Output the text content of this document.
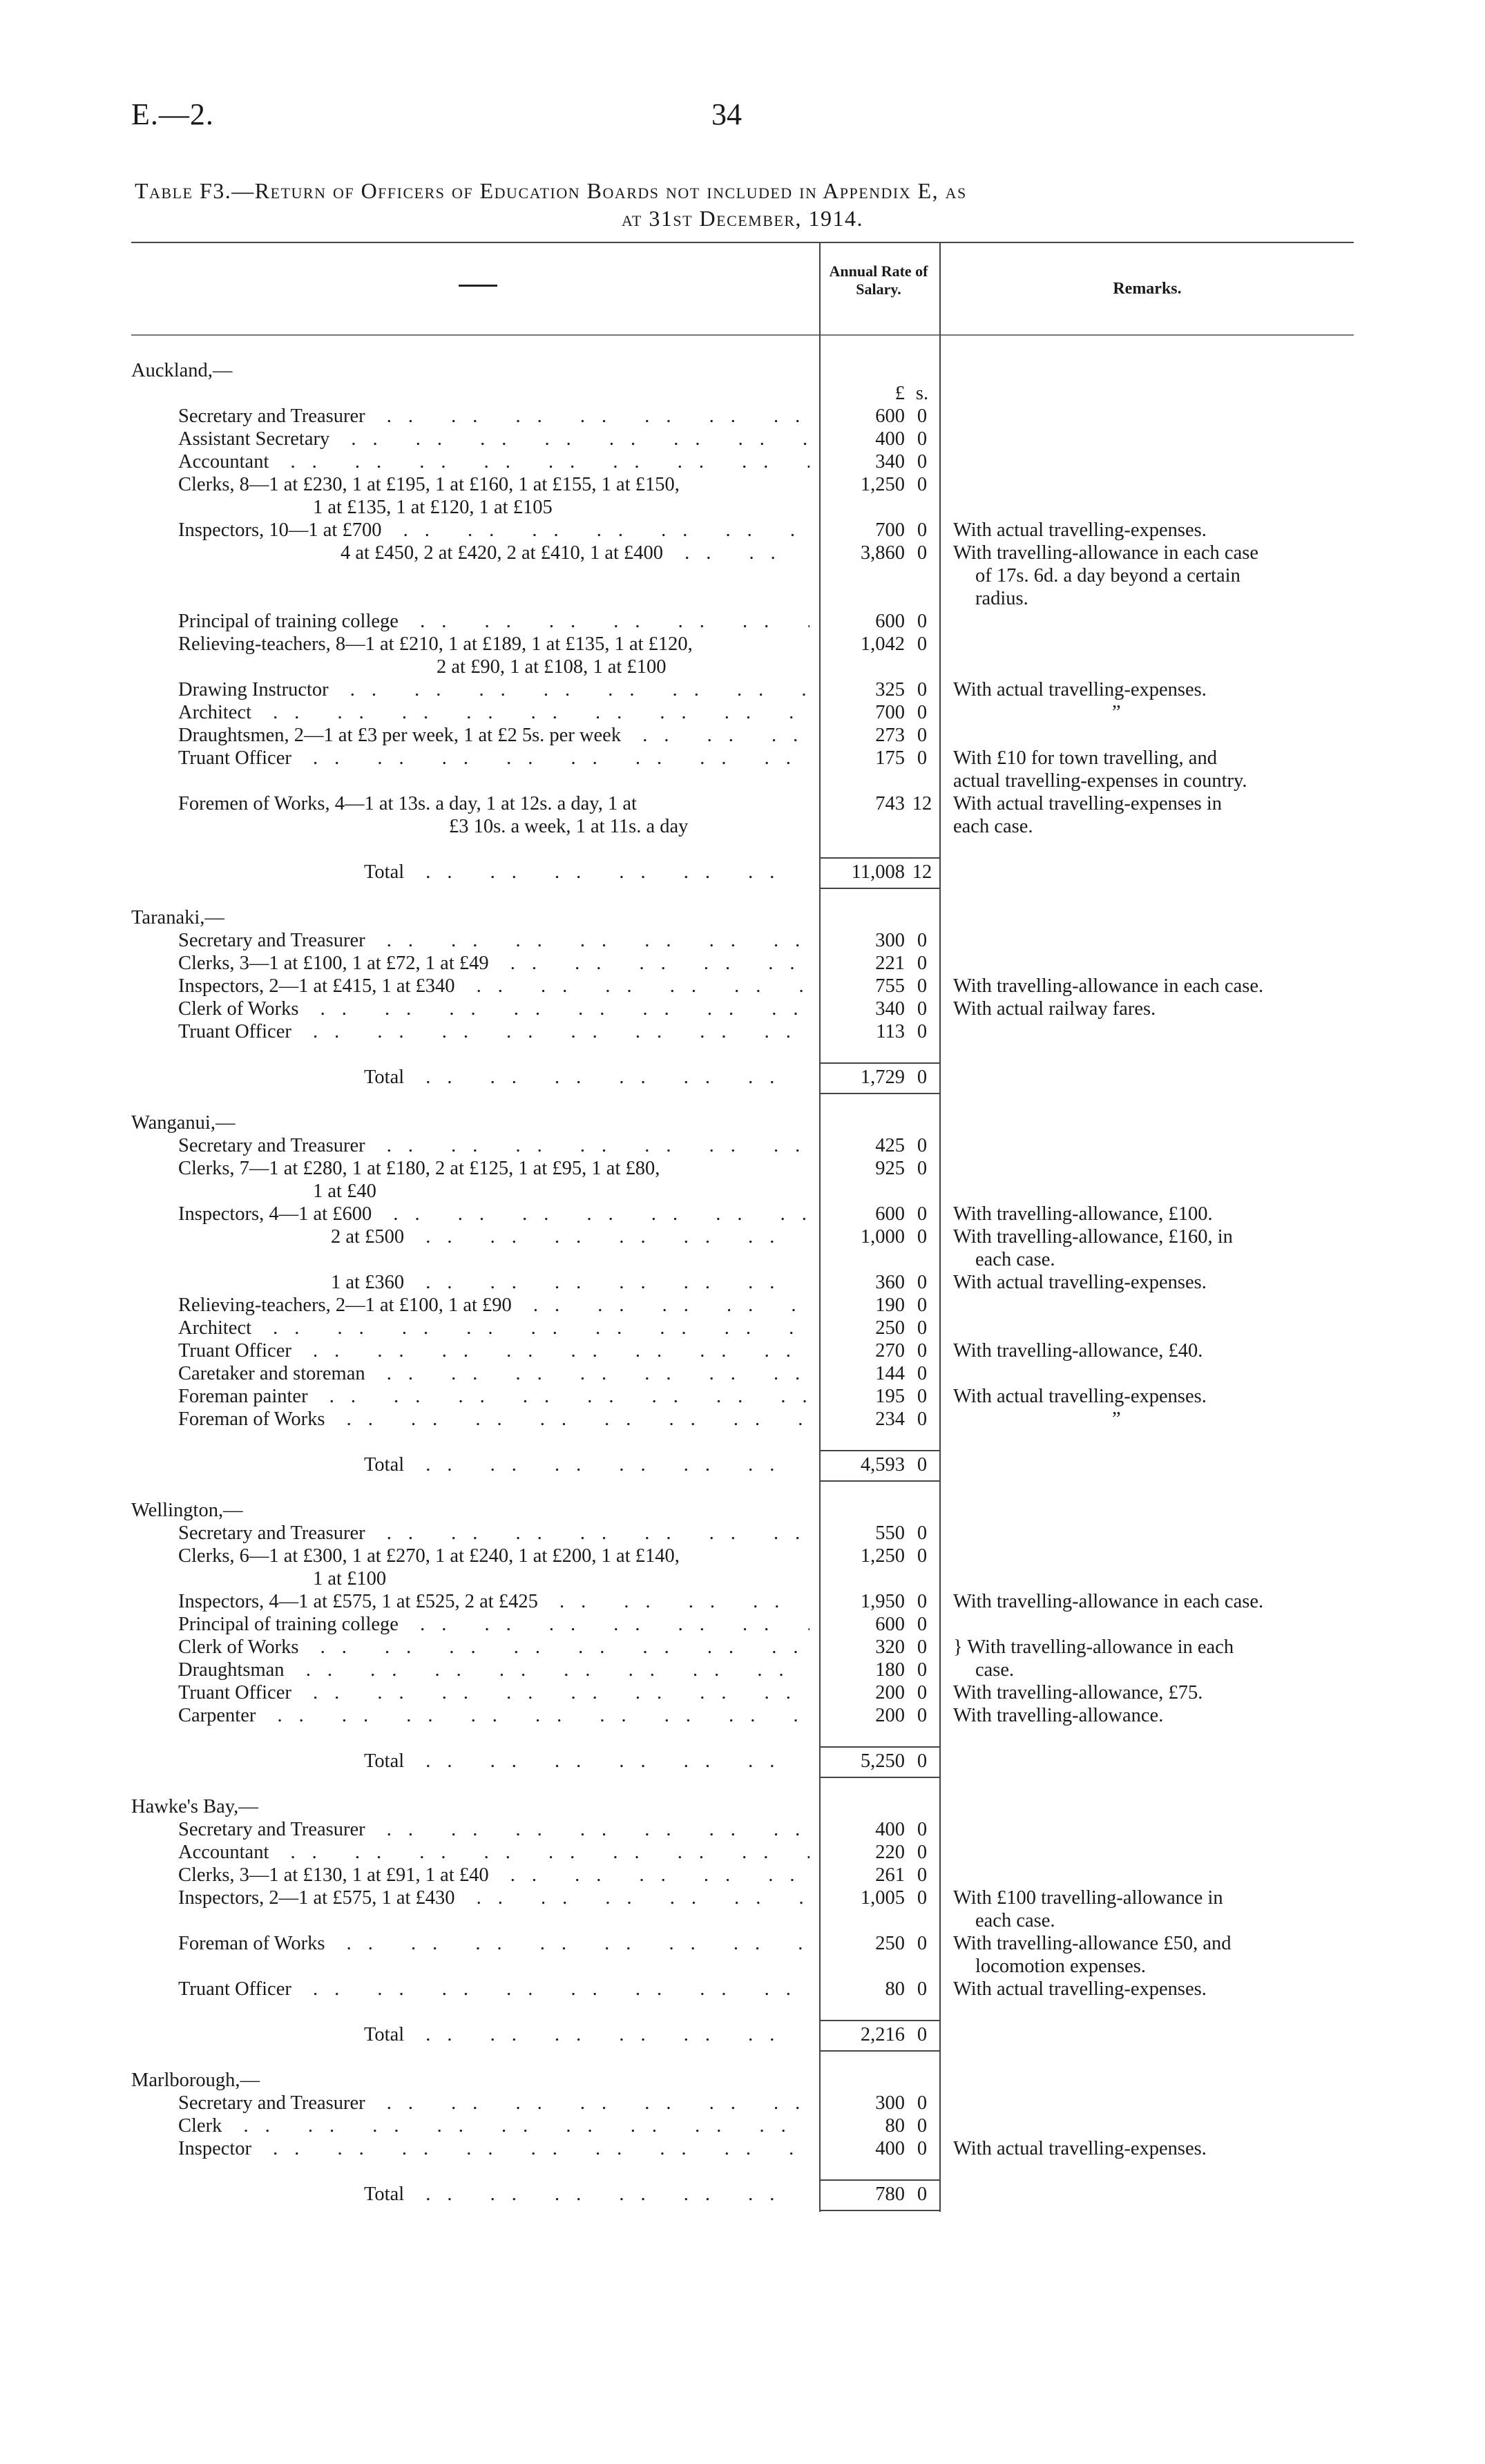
E.—2.	34
Table F3.—Return of Officers of Education Boards not included in Appendix E, as
at 31st December, 1914.
Annual Rate of Salary.	Remarks.
Auckland,—
£ s.
Secretary and Treasurer .. ..	600 0
Assistant Secretary .. ..	400 0
Accountant .. ..	340 0
Clerks, 8—1 at £230, 1 at £195, 1 at £160, 1 at £155, 1 at £150,	1,250 0
1 at £135, 1 at £120, 1 at £105
Inspectors, 10—1 at £700 .. ..	700 0	With actual travelling-expenses.
4 at £450, 2 at £420, 2 at £410, 1 at £400 .. ..	3,860 0	With travelling-allowance in each case
of 17s. 6d. a day beyond a certain
radius.
Principal of training college .. ..	600 0
Relieving-teachers, 8—1 at £210, 1 at £189, 1 at £135, 1 at £120,	1,042 0
2 at £90, 1 at £108, 1 at £100
Drawing Instructor .. ..	325 0	With actual travelling-expenses.
Architect .. ..	700 0	”
Draughtsmen, 2—1 at £3 per week, 1 at £2 5s. per week .. ..	273 0
Truant Officer .. ..	175 0	With £10 for town travelling, and
actual travelling-expenses in country.
Foremen of Works, 4—1 at 13s. a day, 1 at 12s. a day, 1 at	743 12	With actual travelling-expenses in
£3 10s. a week, 1 at 11s. a day	each case.
Total .. ..	11,008 12
Taranaki,—
Secretary and Treasurer .. ..	300 0
Clerks, 3—1 at £100, 1 at £72, 1 at £49 .. ..	221 0
Inspectors, 2—1 at £415, 1 at £340 .. ..	755 0	With travelling-allowance in each case.
Clerk of Works .. ..	340 0	With actual railway fares.
Truant Officer .. ..	113 0
Total .. ..	1,729 0
Wanganui,—
Secretary and Treasurer .. ..	425 0
Clerks, 7—1 at £280, 1 at £180, 2 at £125, 1 at £95, 1 at £80,	925 0
1 at £40
Inspectors, 4—1 at £600 .. ..	600 0	With travelling-allowance, £100.
2 at £500 .. ..	1,000 0	With travelling-allowance, £160, in
each case.
1 at £360 .. ..	360 0	With actual travelling-expenses.
Relieving-teachers, 2—1 at £100, 1 at £90 .. ..	190 0
Architect .. ..	250 0
Truant Officer .. ..	270 0	With travelling-allowance, £40.
Caretaker and storeman .. ..	144 0
Foreman painter .. ..	195 0	With actual travelling-expenses.
Foreman of Works .. ..	234 0	”
Total .. ..	4,593 0
Wellington,—
Secretary and Treasurer .. ..	550 0
Clerks, 6—1 at £300, 1 at £270, 1 at £240, 1 at £200, 1 at £140,	1,250 0
1 at £100
Inspectors, 4—1 at £575, 1 at £525, 2 at £425 .. ..	1,950 0	With travelling-allowance in each case.
Principal of training college .. ..	600 0
Clerk of Works .. ..	320 0	} With travelling-allowance in each
Draughtsman .. ..	180 0	case.
Truant Officer .. ..	200 0	With travelling-allowance, £75.
Carpenter .. ..	200 0	With travelling-allowance.
Total .. ..	5,250 0
Hawke's Bay,—
Secretary and Treasurer .. ..	400 0
Accountant .. ..	220 0
Clerks, 3—1 at £130, 1 at £91, 1 at £40 .. ..	261 0
Inspectors, 2—1 at £575, 1 at £430 .. ..	1,005 0	With £100 travelling-allowance in
each case.
Foreman of Works .. ..	250 0	With travelling-allowance £50, and
locomotion expenses.
Truant Officer .. ..	80 0	With actual travelling-expenses.
Total .. ..	2,216 0
Marlborough,—
Secretary and Treasurer .. ..	300 0
Clerk .. ..	80 0
Inspector .. ..	400 0	With actual travelling-expenses.
Total .. ..	780 0
